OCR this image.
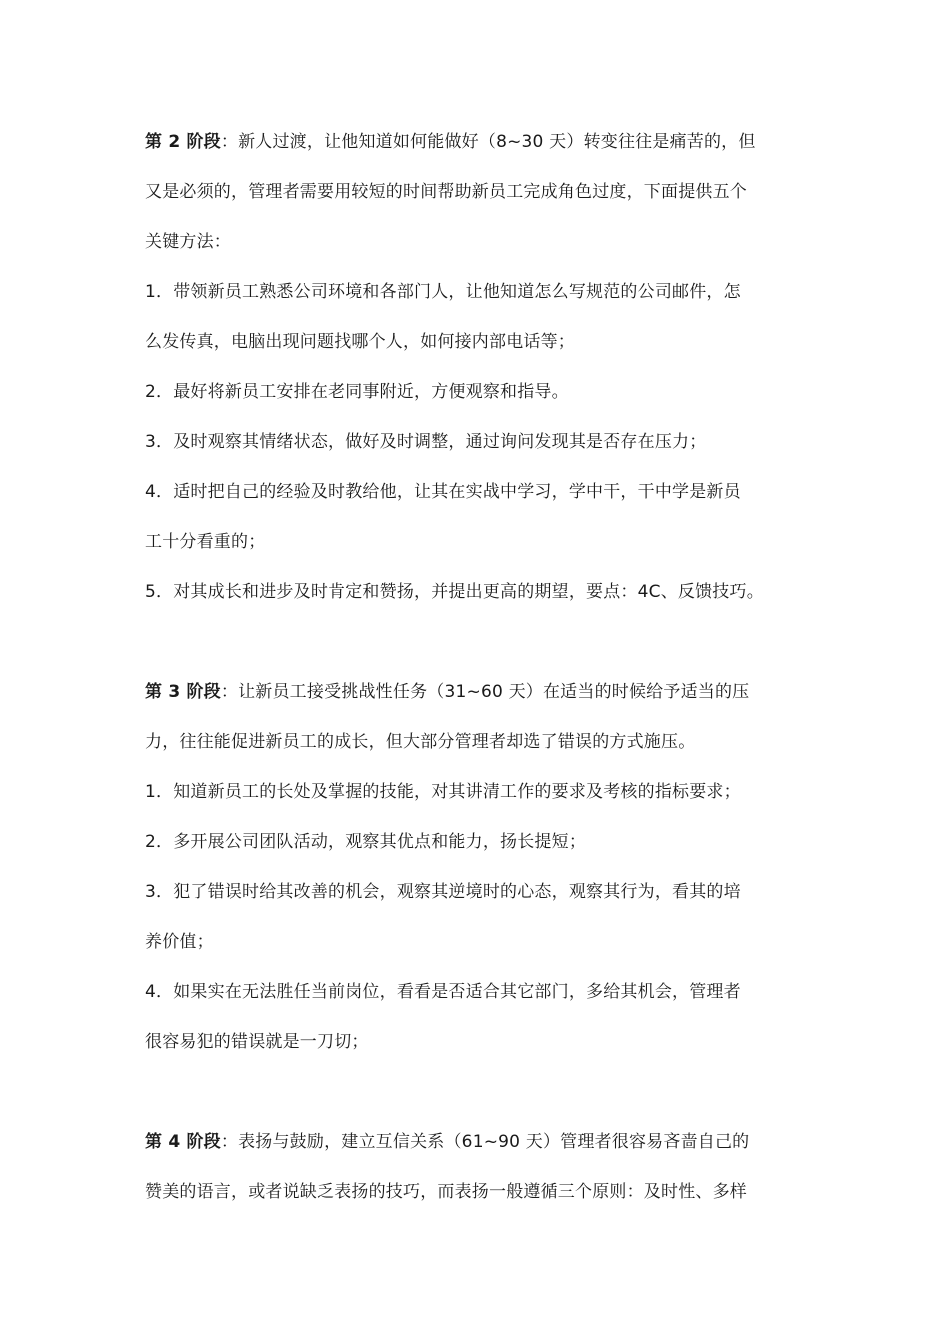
第 2 阶段：新人过渡，让他知道如何能做好（8~30 天）转变往往是痛苦的，但
又是必须的，管理者需要用较短的时间帮助新员工完成角色过度，下面提供五个
关键方法：
1．带领新员工熟悉公司环境和各部门人，让他知道怎么写规范的公司邮件，怎
么发传真，电脑出现问题找哪个人，如何接内部电话等；
2．最好将新员工安排在老同事附近，方便观察和指导。
3．及时观察其情绪状态，做好及时调整，通过询问发现其是否存在压力；
4．适时把自己的经验及时教给他，让其在实战中学习，学中干，干中学是新员
工十分看重的；
5．对其成长和进步及时肯定和赞扬，并提出更高的期望，要点：4C、反馈技巧。
第 3 阶段：让新员工接受挑战性任务（31~60 天）在适当的时候给予适当的压
力，往往能促进新员工的成长，但大部分管理者却选了错误的方式施压。
1．知道新员工的长处及掌握的技能，对其讲清工作的要求及考核的指标要求；
2．多开展公司团队活动，观察其优点和能力，扬长提短；
3．犯了错误时给其改善的机会，观察其逆境时的心态，观察其行为，看其的培
养价值；
4．如果实在无法胜任当前岗位，看看是否适合其它部门，多给其机会，管理者
很容易犯的错误就是一刀切；
第 4 阶段：表扬与鼓励，建立互信关系（61~90 天）管理者很容易吝啬自己的
赞美的语言，或者说缺乏表扬的技巧，而表扬一般遵循三个原则：及时性、多样
